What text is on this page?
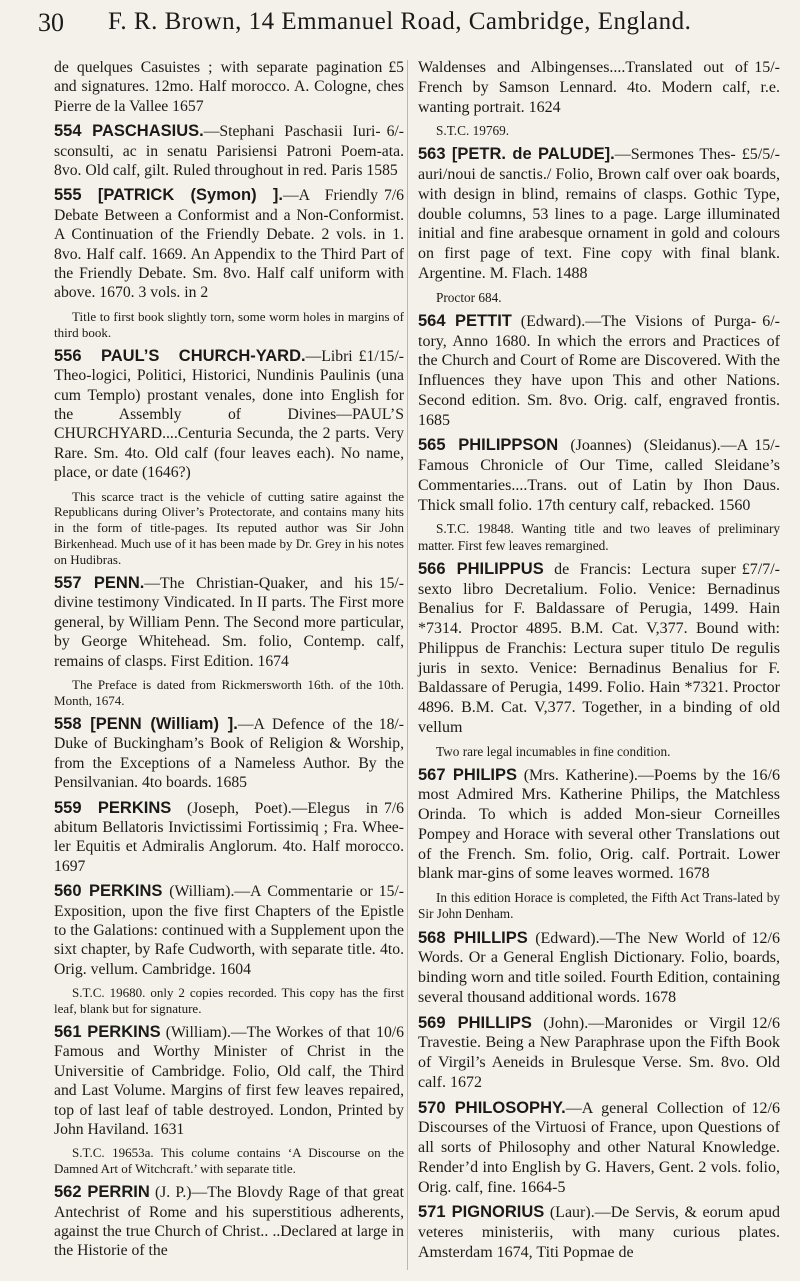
30 F. R. Brown, 14 Emmanuel Road, Cambridge, England.
£5
de quelques Casuistes ; with separate pagination and signatures. 12mo. Half morocco. A. Cologne, ches Pierre de la Vallee 1657
6/-
554 PASCHASIUS.—Stephani Paschasii Iuri-sconsulti, ac in senatu Parisiensi Patroni Poem-ata. 8vo. Old calf, gilt. Ruled throughout in red. Paris 1585
7/6
555 [PATRICK (Symon) ].—A Friendly Debate Between a Conformist and a Non-Conformist. A Continuation of the Friendly Debate. 2 vols. in 1. 8vo. Half calf. 1669. An Appendix to the Third Part of the Friendly Debate. Sm. 8vo. Half calf uniform with above. 1670. 3 vols. in 2
Title to first book slightly torn, some worm holes in margins of third book.
£1/15/-
556 PAUL’S CHURCH-YARD.—Libri Theo-logici, Politici, Historici, Nundinis Paulinis (una cum Templo) prostant venales, done into English for the Assembly of Divines—PAUL’S CHURCHYARD....Centuria Secunda, the 2 parts. Very Rare. Sm. 4to. Old calf (four leaves each). No name, place, or date (1646?)
This scarce tract is the vehicle of cutting satire against the Republicans during Oliver’s Protectorate, and contains many hits in the form of title-pages. Its reputed author was Sir John Birkenhead. Much use of it has been made by Dr. Grey in his notes on Hudibras.
15/-
557 PENN.—The Christian-Quaker, and his divine testimony Vindicated. In II parts. The First more general, by William Penn. The Second more particular, by George Whitehead. Sm. folio, Contemp. calf, remains of clasps. First Edition. 1674
The Preface is dated from Rickmersworth 16th. of the 10th. Month, 1674.
18/-
558 [PENN (William) ].—A Defence of the Duke of Buckingham’s Book of Religion & Worship, from the Exceptions of a Nameless Author. By the Pensilvanian. 4to boards. 1685
7/6
559 PERKINS (Joseph, Poet).—Elegus in abitum Bellatoris Invictissimi Fortissimiq ; Fra. Whee-ler Equitis et Admiralis Anglorum. 4to. Half morocco. 1697
15/-
560 PERKINS (William).—A Commentarie or Exposition, upon the five first Chapters of the Epistle to the Galations: continued with a Supplement upon the sixt chapter, by Rafe Cudworth, with separate title. 4to. Orig. vellum. Cambridge. 1604
S.T.C. 19680. only 2 copies recorded. This copy has the first leaf, blank but for signature.
10/6
561 PERKINS (William).—The Workes of that Famous and Worthy Minister of Christ in the Universitie of Cambridge. Folio, Old calf, the Third and Last Volume. Margins of first few leaves repaired, top of last leaf of table destroyed. London, Printed by John Haviland. 1631
S.T.C. 19653a. This colume contains ‘A Discourse on the Damned Art of Witchcraft.’ with separate title.
562 PERRIN (J. P.)—The Blovdy Rage of that great Antechrist of Rome and his superstitious adherents, against the true Church of Christ.. ..Declared at large in the Historie of the
15/-
Waldenses and Albingenses....Translated out of French by Samson Lennard. 4to. Modern calf, r.e. wanting portrait. 1624
S.T.C. 19769.
£5/5/-
563 [PETR. de PALUDE].—Sermones Thes-auri/noui de sanctis./ Folio, Brown calf over oak boards, with design in blind, remains of clasps. Gothic Type, double columns, 53 lines to a page. Large illuminated initial and fine arabesque ornament in gold and colours on first page of text. Fine copy with final blank. Argentine. M. Flach. 1488
Proctor 684.
6/-
564 PETTIT (Edward).—The Visions of Purga-tory, Anno 1680. In which the errors and Practices of the Church and Court of Rome are Discovered. With the Influences they have upon This and other Nations. Second edition. Sm. 8vo. Orig. calf, engraved frontis. 1685
15/-
565 PHILIPPSON (Joannes) (Sleidanus).—A Famous Chronicle of Our Time, called Sleidane’s Commentaries....Trans. out of Latin by Ihon Daus. Thick small folio. 17th century calf, rebacked. 1560
S.T.C. 19848. Wanting title and two leaves of preliminary matter. First few leaves remargined.
£7/7/-
566 PHILIPPUS de Francis: Lectura super sexto libro Decretalium. Folio. Venice: Bernadinus Benalius for F. Baldassare of Perugia, 1499. Hain *7314. Proctor 4895. B.M. Cat. V,377. Bound with: Philippus de Franchis: Lectura super titulo De regulis juris in sexto. Venice: Bernadinus Benalius for F. Baldassare of Perugia, 1499. Folio. Hain *7321. Proctor 4896. B.M. Cat. V,377. Together, in a binding of old vellum
Two rare legal incumables in fine condition.
16/6
567 PHILIPS (Mrs. Katherine).—Poems by the most Admired Mrs. Katherine Philips, the Matchless Orinda. To which is added Mon-sieur Corneilles Pompey and Horace with several other Translations out of the French. Sm. folio, Orig. calf. Portrait. Lower blank mar-gins of some leaves wormed. 1678
In this edition Horace is completed, the Fifth Act Trans-lated by Sir John Denham.
12/6
568 PHILLIPS (Edward).—The New World of Words. Or a General English Dictionary. Folio, boards, binding worn and title soiled. Fourth Edition, containing several thousand additional words. 1678
12/6
569 PHILLIPS (John).—Maronides or Virgil Travestie. Being a New Paraphrase upon the Fifth Book of Virgil’s Aeneids in Brulesque Verse. Sm. 8vo. Old calf. 1672
12/6
570 PHILOSOPHY.—A general Collection of Discourses of the Virtuosi of France, upon Questions of all sorts of Philosophy and other Natural Knowledge. Render’d into English by G. Havers, Gent. 2 vols. folio, Orig. calf, fine. 1664-5
571 PIGNORIUS (Laur).—De Servis, & eorum apud veteres ministeriis, with many curious plates. Amsterdam 1674, Titi Popmae de
